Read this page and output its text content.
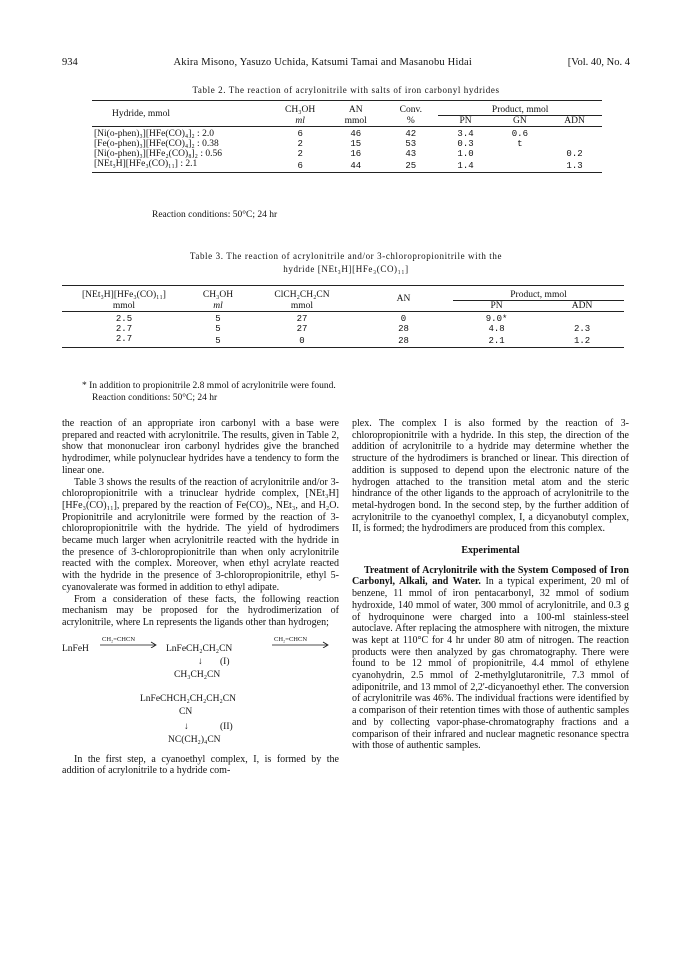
934	Akira Misono, Yasuzo Uchida, Katsumi Tamai and Masanobu Hidai	[Vol. 40, No. 4
Table 2. The reaction of acrylonitrile with salts of iron carbonyl hydrides
Hydride, mmol	CH₃OH	AN	Conv.	Product, mmol		
	ml	mmol	%	PN	GN	ADN

[Ni(o-phen)₃][HFe(CO)₄]₂ : 2.0	6	46	42	3.4	0.6	
[Fe(o-phen)₃][HFe(CO)₄]₂ : 0.38	2	15	53	0.3	t	
[Ni(o-phen)₃][HFe₂(CO)₈]₂ : 0.56	2	16	43	1.0		0.2
[NEt₃H][HFe₃(CO)₁₁] : 2.1	6	44	25	1.4		1.3
Reaction conditions: 50°C; 24 hr
Table 3. The reaction of acrylonitrile and/or 3-chloropropionitrile with the
hydride [NEt₃H][HFe₃(CO)₁₁]
[NEt₃H][HFe₃(CO)₁₁]	CH₃OH	ClCH₂CH₂CN	AN	Product, mmol	
mmol	ml	mmol		PN	ADN

2.5	5	27	0	9.0*	
2.7	5	27	28	4.8	2.3
2.7	5	0	28	2.1	1.2
* In addition to propionitrile 2.8 mmol of acrylonitrile were found.
Reaction conditions: 50°C; 24 hr

the reaction of an appropriate iron carbonyl with a base were prepared and reacted with acrylonitrile. The results, given in Table 2, show that mononuclear iron carbonyl hydrides give the branched hydrodimer, while polynuclear hydrides have a tendency to form the linear one.

Table 3 shows the results of the reaction of acrylonitrile and/or 3-chloropropionitrile with a trinuclear hydride complex, [NEt₃H][HFe₃(CO)₁₁], prepared by the reaction of Fe(CO)₅, NEt₃, and H₂O. Propionitrile and acrylonitrile were formed by the reaction of 3-chloropropionitrile with the hydride. The yield of hydrodimers became much larger when acrylonitrile reacted with the hydride in the presence of 3-chloropropionitrile than when only acrylonitrile reacted with the complex. Moreover, when ethyl acrylate reacted with the hydride in the presence of 3-chloropropionitrile, ethyl 5-cyanovalerate was formed in addition to ethyl adipate.

From a consideration of these facts, the following reaction mechanism may be proposed for the hydrodimerization of acrylonitrile, where Ln represents the ligands other than hydrogen;

LnFeH
CH₂=CHCN
LnFeCH₂CH₂CN
CH₂=CHCN
↓ (I)
CH₃CH₂CN
LnFeCHCH₂CH₂CH₂CN
CN
↓	(II)
NC(CH₂)₄CN

In the first step, a cyanoethyl complex, I, is formed by the addition of acrylonitrile to a hydride com-

plex. The complex I is also formed by the reaction of 3-chloropropionitrile with a hydride. In this step, the direction of the addition of acrylonitrile to a hydride may determine whether the structure of the hydrodimers is branched or linear. This direction of addition is supposed to depend upon the electronic nature of the hydrogen attached to the transition metal atom and the steric hindrance of the other ligands to the approach of acrylonitrile to the metal-hydrogen bond. In the second step, by the further addition of acrylonitrile to the cyanoethyl complex, I, a dicyanobutyl complex, II, is formed; the hydrodimers are produced from this complex.

Experimental

Treatment of Acrylonitrile with the System Composed of Iron Carbonyl, Alkali, and Water. In a typical experiment, 20 ml of benzene, 11 mmol of iron pentacarbonyl, 32 mmol of sodium hydroxide, 140 mmol of water, 300 mmol of acrylonitrile, and 0.3 g of hydroquinone were charged into a 100-ml stainless-steel autoclave. After replacing the atmosphere with nitrogen, the mixture was kept at 110°C for 4 hr under 80 atm of nitrogen. The reaction products were then analyzed by gas chromatography. There were found to be 12 mmol of propionitrile, 4.4 mmol of ethylene cyanohydrin, 2.5 mmol of 2-methylglutaronitrile, 7.3 mmol of adiponitrile, and 13 mmol of 2,2'-dicyanoethyl ether. The conversion of acrylonitrile was 46%. The individual fractions were identified by a comparison of their retention times with those of authentic samples and by collecting vapor-phase-chromatography fractions and a comparison of their infrared and nuclear magnetic resonance spectra with those of authentic samples.
